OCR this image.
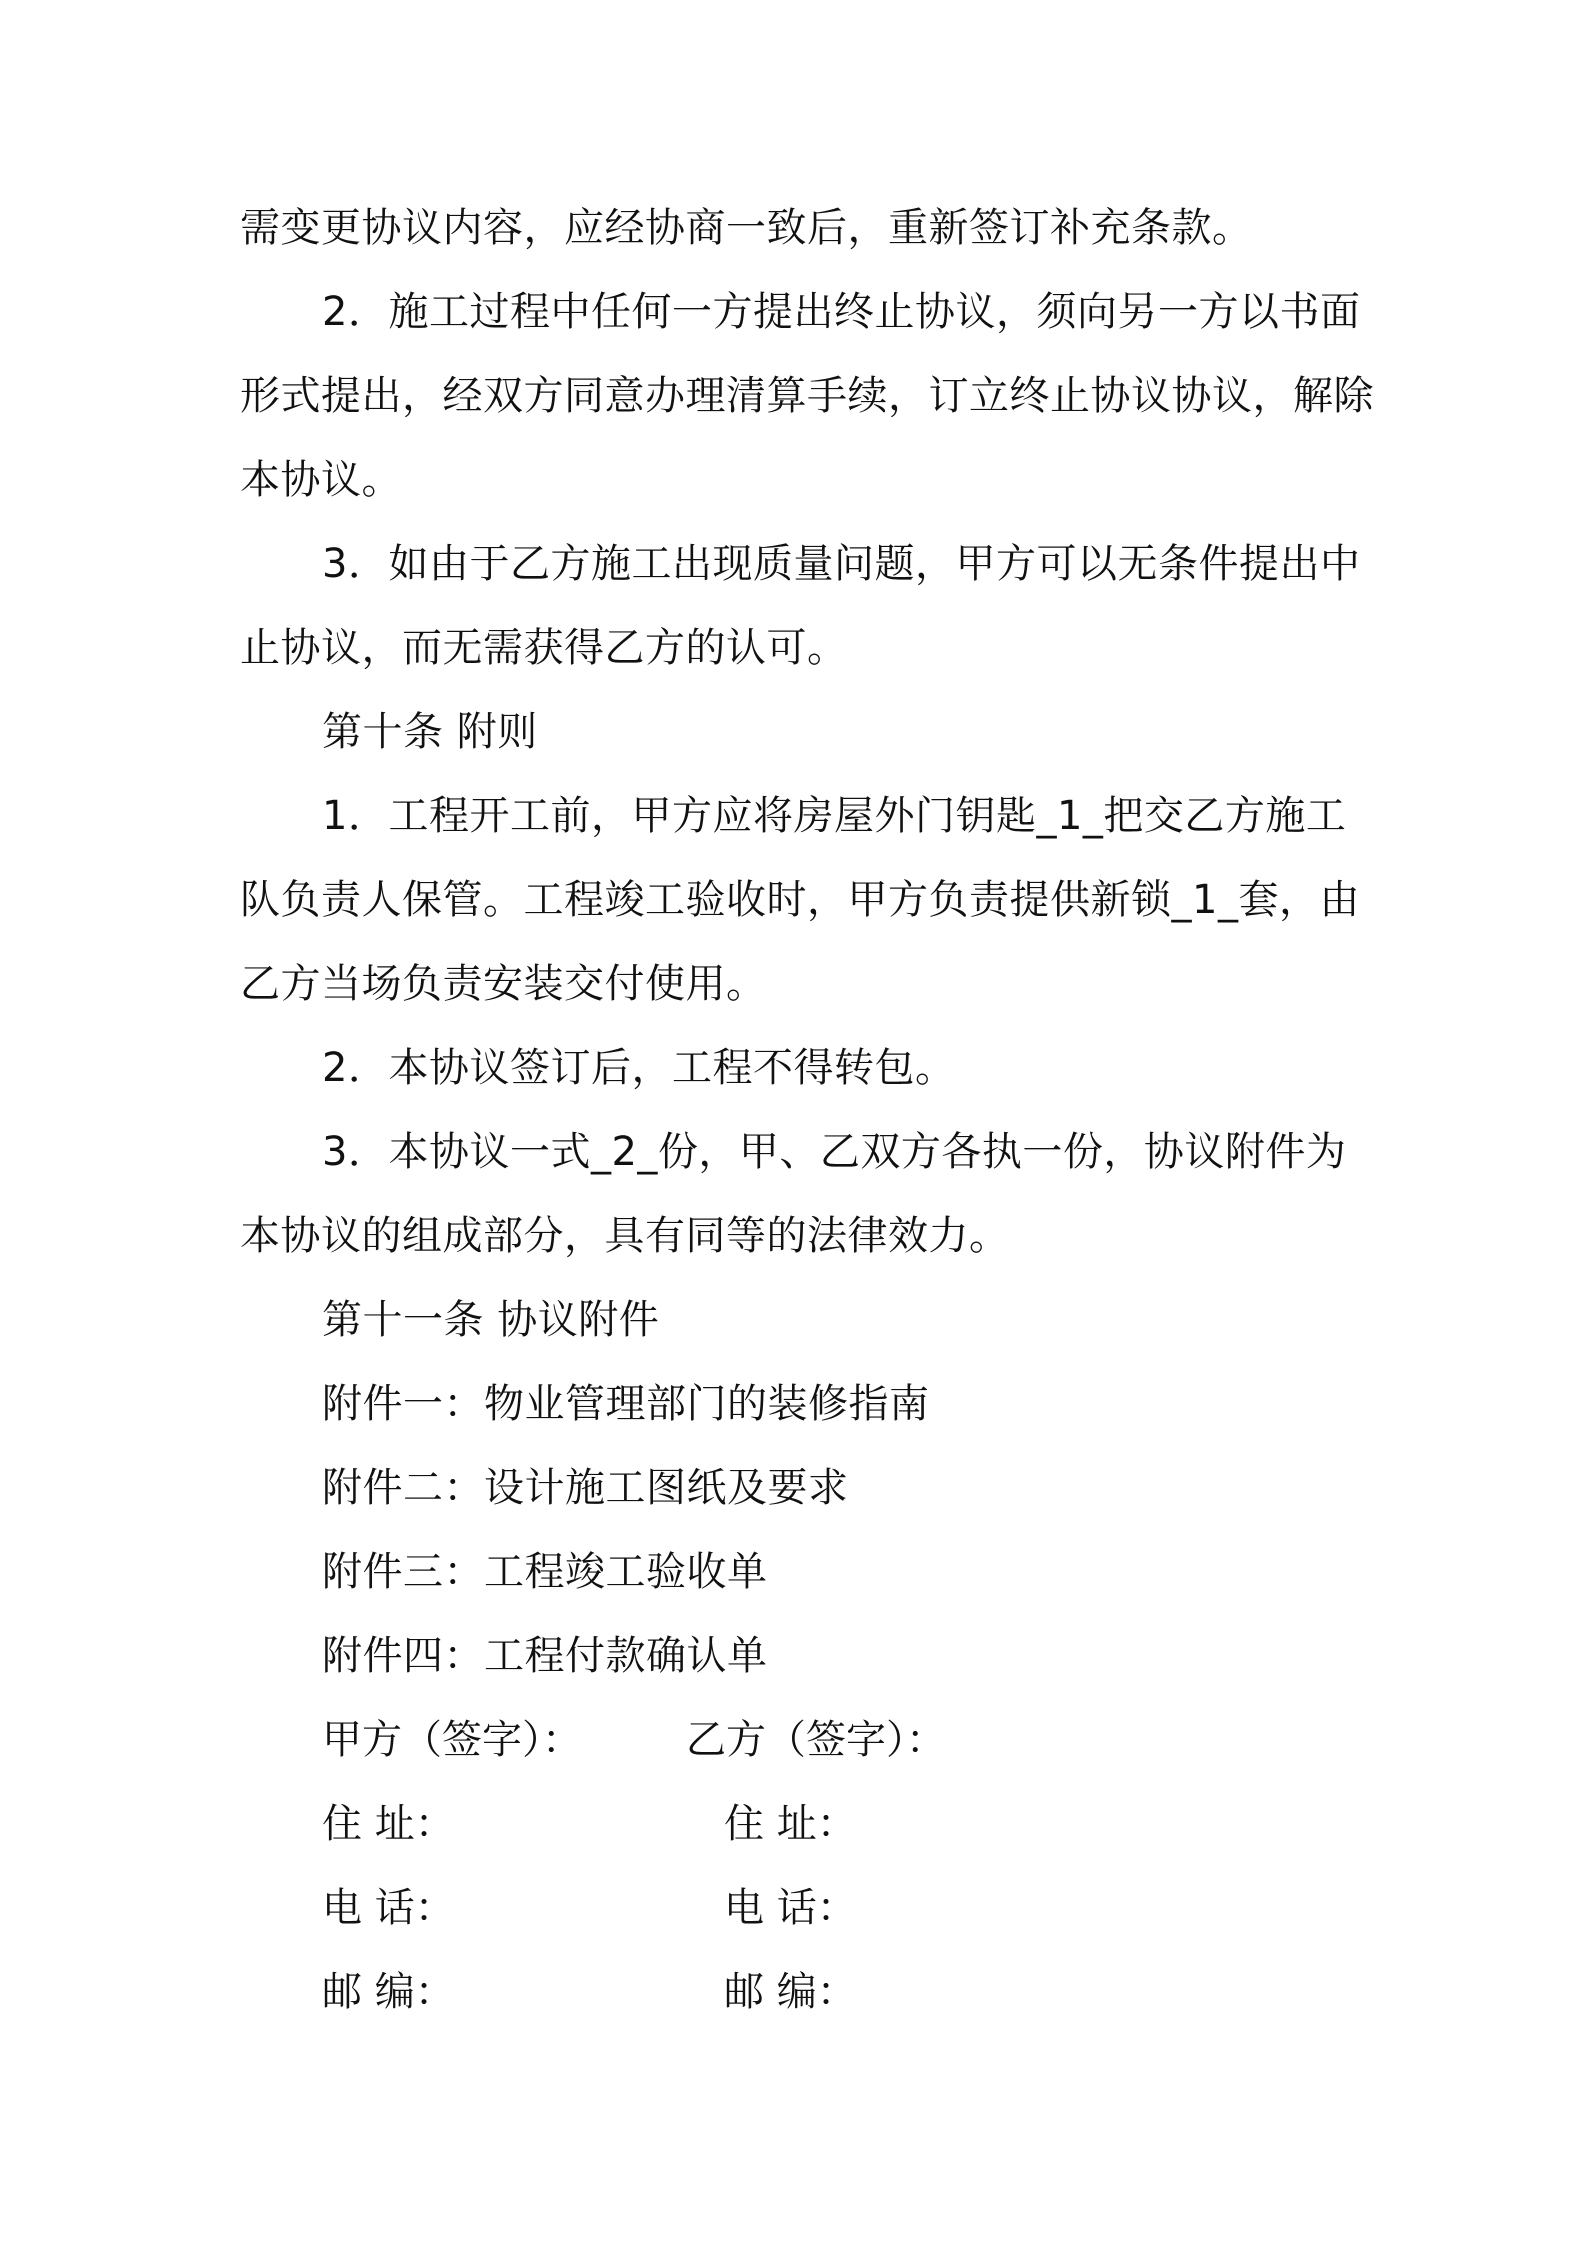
需变更协议内容，应经协商一致后，重新签订补充条款。
2．施工过程中任何一方提出终止协议，须向另一方以书面
形式提出，经双方同意办理清算手续，订立终止协议协议，解除
本协议。
3．如由于乙方施工出现质量问题，甲方可以无条件提出中
止协议，而无需获得乙方的认可。
第十条 附则
1．工程开工前，甲方应将房屋外门钥匙_1_把交乙方施工
队负责人保管。工程竣工验收时，甲方负责提供新锁_1_套，由
乙方当场负责安装交付使用。
2．本协议签订后，工程不得转包。
3．本协议一式_2_份，甲、乙双方各执一份，协议附件为
本协议的组成部分，具有同等的法律效力。
第十一条 协议附件
附件一：物业管理部门的装修指南
附件二：设计施工图纸及要求
附件三：工程竣工验收单
附件四：工程付款确认单
甲方（签字）：	乙方（签字）：
住 址：	住 址：
电 话：	电 话：
邮 编：	邮 编：
